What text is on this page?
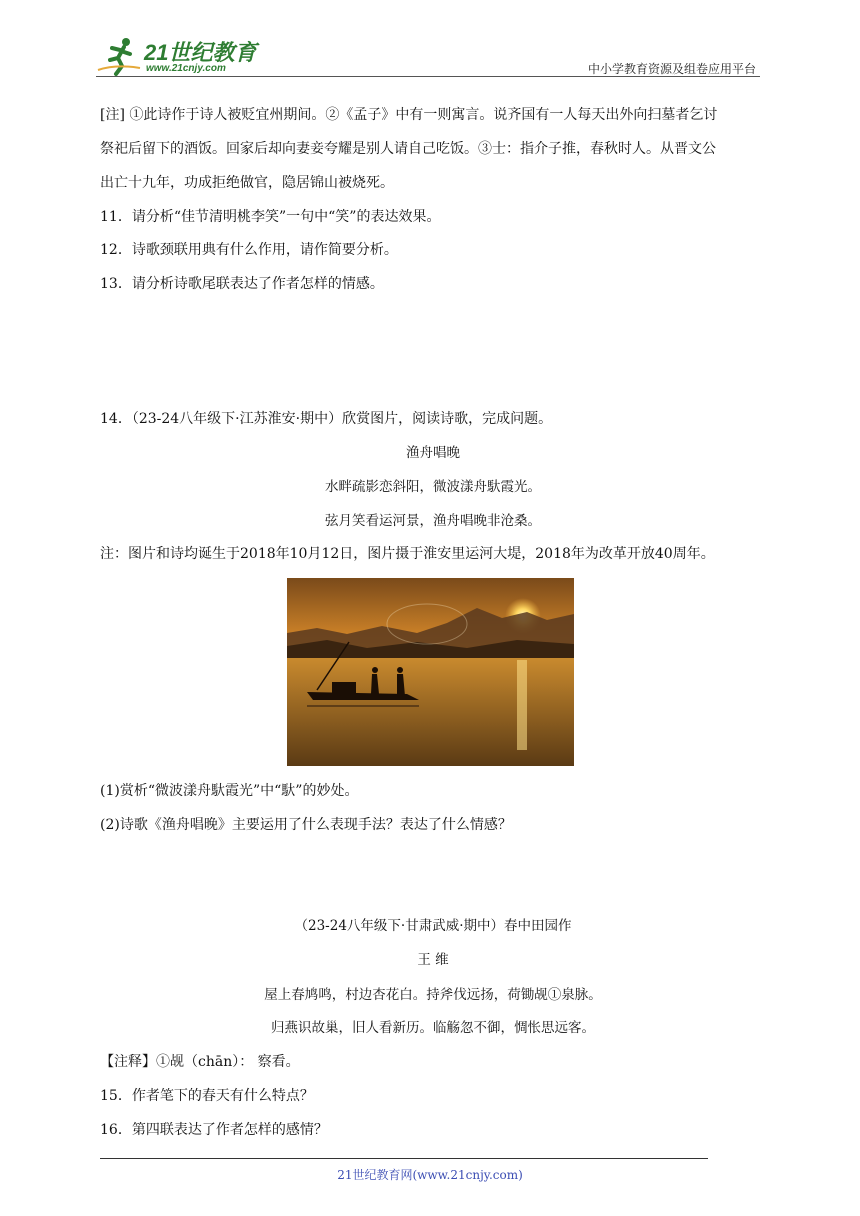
21世纪教育
www.21cnjy.com	中小学教育资源及组卷应用平台
[注] ①此诗作于诗人被贬宜州期间。②《孟子》中有一则寓言。说齐国有一人每天出外向扫墓者乞讨
祭祀后留下的酒饭。回家后却向妻妾夸耀是别人请自己吃饭。③士：指介子推，春秋时人。从晋文公
出亡十九年，功成拒绝做官，隐居锦山被烧死。
11．请分析“佳节清明桃李笑”一句中“笑”的表达效果。
12．诗歌颈联用典有什么作用，请作简要分析。
13．请分析诗歌尾联表达了作者怎样的情感。
14．（23-24八年级下·江苏淮安·期中）欣赏图片，阅读诗歌，完成问题。
渔舟唱晚
水畔疏影恋斜阳，微波漾舟馱霞光。
弦月笑看运河景，渔舟唱晚非沧桑。
注：图片和诗均诞生于2018年10月12日，图片摄于淮安里运河大堤，2018年为改革开放40周年。
(1)赏析“微波漾舟馱霞光”中“馱”的妙处。
(2)诗歌《渔舟唱晚》主要运用了什么表现手法？表达了什么情感？
（23-24八年级下·甘肃武威·期中）春中田园作
王 维
屋上春鸠鸣，村边杏花白。持斧伐远扬，荷锄觇①泉脉。
归燕识故巢，旧人看新历。临觞忽不御，惆怅思远客。
【注释】①觇（chān）： 察看。
15．作者笔下的春天有什么特点？
16．第四联表达了作者怎样的感情？
21世纪教育网(www.21cnjy.com)
